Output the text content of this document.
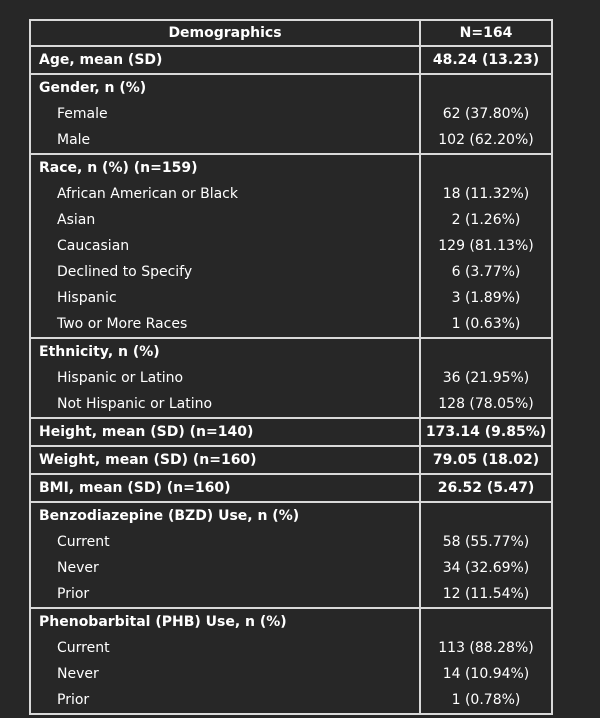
Demographics	N=164
Age, mean (SD)	48.24 (13.23)
Gender, n (%)	
Female	62 (37.80%)
Male	102 (62.20%)
Race, n (%) (n=159)	
African American or Black	18 (11.32%)
Asian	2 (1.26%)
Caucasian	129 (81.13%)
Declined to Specify	6 (3.77%)
Hispanic	3 (1.89%)
Two or More Races	1 (0.63%)
Ethnicity, n (%)	
Hispanic or Latino	36 (21.95%)
Not Hispanic or Latino	128 (78.05%)
Height, mean (SD) (n=140)	173.14 (9.85%)
Weight, mean (SD) (n=160)	79.05 (18.02)
BMI, mean (SD) (n=160)	26.52 (5.47)
Benzodiazepine (BZD) Use, n (%)	
Current	58 (55.77%)
Never	34 (32.69%)
Prior	12 (11.54%)
Phenobarbital (PHB) Use, n (%)	
Current	113 (88.28%)
Never	14 (10.94%)
Prior	1 (0.78%)
